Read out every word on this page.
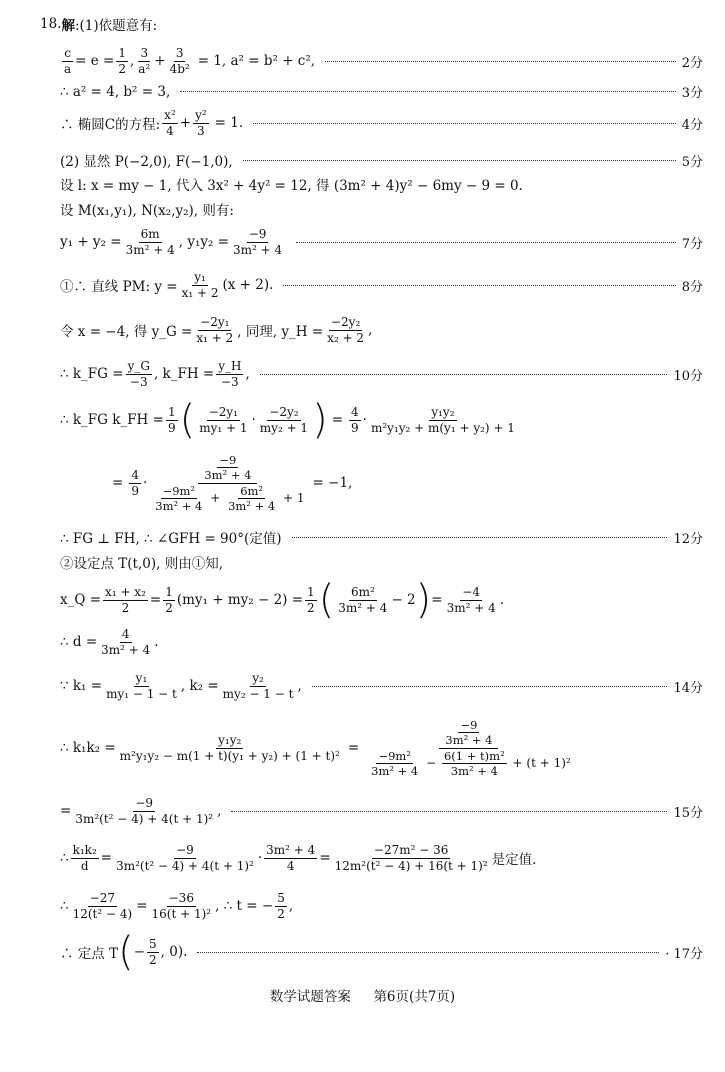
18. 解 :(1)依题意有:
$\frac{c}{a} = e = \frac{1}{2}$ , $\frac{3}{\text{a²}} + \frac{3}{\text{4b²}} = 1$, a² = b² + c²,	2分
∴ a² = 4, b² = 3,	3分
∴ 椭圆C的方程: $\frac{\text{x²}}{4} + \frac{\text{y²}}{3} = 1$.	4分
(2) 显然 P(−2,0), F(−1,0),	5分
设 l: x = my − 1, 代入 3x² + 4y² = 12, 得 (3m² + 4)y² − 6my − 9 = 0.
设 M(x₁,y₁), N(x₂,y₂), 则有:
$y_1 + y_2 = \frac{6m}{\text{3m² + 4}}$ , $y_1y_2 = \frac{-9}{\text{3m² + 4}}$	7分
①∴ 直线 PM: $y = \frac{\text{y₁}}{\text{x₁ + 2}} (x + 2)$.	8分
令 x = −4, 得 y_G = $\frac{\text{−2y₁}}{\text{x₁ + 2}}$ , 同理, y_H = $\frac{\text{−2y₂}}{\text{x₂ + 2}}$ ,
∴ k_FG = $\frac{y\_G}{-3}$ , k_FH = $\frac{y\_H}{-3}$ ,	10分
∴ k_FG k_FH = $\frac{1}{9}$ ( $\frac{\text{−2y₁}}{\text{my₁ + 1}} \cdot \frac{\text{−2y₂}}{\text{my₂ + 1}}$ ) = $\frac{4}{9} \cdot \frac{\text{y₁y₂}}{\text{m²y₁y₂ + m(y₁ + y₂) + 1}}$
= $\frac{4}{9} \cdot \frac{\frac{-9}{\text{3m² + 4}}}{\frac{\text{−9m²}}{\text{3m² + 4}} + \frac{\text{6m²}}{\text{3m² + 4}} + 1} = -1$,
∴ FG ⊥ FH, ∴ ∠GFH = 90°(定值)	12分
②设定点 T(t,0), 则由①知,
x_Q = $\frac{\text{x₁ + x₂}}{2} = \frac{1}{2} (my_1 + my_2 - 2) = \frac{1}{2}$ ( $\frac{\text{6m²}}{\text{3m² + 4}} - 2$ ) = $\frac{-4}{\text{3m² + 4}}$ .
∴ $d = \frac{4}{\text{3m² + 4}}$ .
∵ $k_1 = \frac{\text{y₁}}{\text{my₁ − 1 − t}}$ , $k_2 = \frac{\text{y₂}}{\text{my₂ − 1 − t}}$ ,	14分
∴ $k_1k_2 = \frac{\text{y₁y₂}}{\text{m²y₁y₂ − m(1 + t)(y₁ + y₂) + (1 + t)²}} = \frac{\frac{-9}{\text{3m² + 4}}}{\frac{\text{−9m²}}{\text{3m² + 4}} - \frac{\text{6(1 + t)m²}}{\text{3m² + 4}} + (t + 1)^2}$
= $\frac{-9}{\text{3m²(t² − 4) + 4(t + 1)²}}$ ,	15分
∴ $\frac{\text{k₁k₂}}{d} = \frac{-9}{\text{3m²(t² − 4) + 4(t + 1)²}} \cdot \frac{\text{3m² + 4}}{4} = \frac{\text{−27m² − 36}}{\text{12m²(t² − 4) + 16(t + 1)²}}$ 是定值.
∴ $\frac{-27}{\text{12(t² − 4)}} = \frac{-36}{\text{16(t + 1)²}}$ , ∴ t = − $\frac{5}{2}$ ,
∴ 定点 T ( − $\frac{5}{2}$ , 0).	· 17分
数学试题答案 第6页(共7页)
